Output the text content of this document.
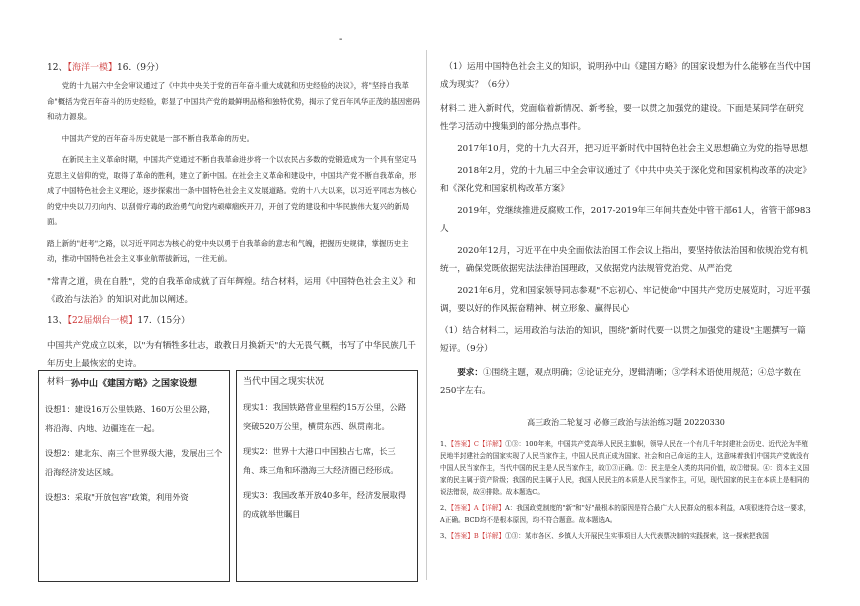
-

12、【海洋一模】16.（9分）

党的十九届六中全会审议通过了《中共中央关于党的百年奋斗重大成就和历史经验的决议》，将"坚持自我革命"概括为党百年奋斗的历史经验，彰显了中国共产党的最鲜明品格和独特优势，揭示了党百年风华正茂的基因密码和动力源泉。

中国共产党的百年奋斗历史就是一部不断自我革命的历史。

在新民主主义革命时期，中国共产党通过不断自我革命进步将一个以农民占多数的党锻造成为一个具有坚定马克思主义信仰的党，取得了革命的胜利，建立了新中国。在社会主义革命和建设中，中国共产党不断自我革命，形成了中国特色社会主义理论，逐步探索出一条中国特色社会主义发展道路。党的十八大以来，以习近平同志为核心的党中央以刀刃向内、以刮骨疗毒的政治勇气向党内顽瘴痼疾开刀，开创了党的建设和中华民族伟大复兴的新局面。

踏上新的"赶考"之路，以习近平同志为核心的党中央以勇于自我革命的意志和气魄，把握历史规律，掌握历史主动，推动中国特色社会主义事业航帮拔新远，一往无前。

"常青之道，贵在自胜"，党的自我革命成就了百年辉煌。结合材料，运用《中国特色社会主义》和《政治与法治》的知识对此加以阐述。

13、【22届烟台一模】17.（15分）

中国共产党成立以来，以"为有牺牲多壮志，敢教日月换新天"的大无畏气概，书写了中华民族几千年历史上最恢宏的史诗。

材料一

孙中山《建国方略》之国家设想

设想1：建设16万公里铁路、160万公里公路，将沿海、内地、边疆连在一起。

设想2：建北东、南三个世界级大港，发展出三个沿海经济发达区域。

设想3：采取"开放包容"政策，利用外资

当代中国之现实状况

现实1：我国铁路营业里程约15万公里，公路突破520万公里，横贯东西、纵贯南北。

现实2：世界十大港口中国独占七席，长三角、珠三角和环渤海三大经济圈已经形成。

现实3：我国改革开放40多年，经济发展取得的成就举世瞩目

（1）运用中国特色社会主义的知识，说明孙中山《建国方略》的国家设想为什么能够在当代中国成为现实？（6分）

材料二 进入新时代，党面临着新情况、新考验，要一以贯之加强党的建设。下面是某同学在研究性学习活动中搜集到的部分热点事件。

2017年10月，党的十九大召开，把习近平新时代中国特色社会主义思想确立为党的指导思想

2018年2月，党的十九届三中全会审议通过了《中共中央关于深化党和国家机构改革的决定》和《深化党和国家机构改革方案》

2019年，党继续推进反腐败工作，2017-2019年三年间共查处中管干部61人，省管干部983人

2020年12月，习近平在中央全面依法治国工作会议上指出，要坚持依法治国和依规治党有机统一，确保党既依据宪法法律治国理政，又依据党内法规管党治党、从严治党

2021年6月，党和国家领导同志参观"不忘初心、牢记使命"中国共产党历史展览时，习近平强调，要以好的作风振奋精神、树立形象、赢得民心

（1）结合材料二，运用政治与法治的知识，围绕"新时代要一以贯之加强党的建设"主题撰写一篇短评。（9分）

要求：①围绕主题，观点明确；②论证充分，逻辑清晰；③学科术语使用规范；④总字数在250字左右。

高三政治二轮复习 必修三政治与法治练习题 20220330

1、【答案】C【详解】①③：100年来，中国共产党高举人民民主旗帜，领导人民在一个有几千年封建社会历史、近代沦为半殖民地半封建社会的国家实现了人民当家作主，中国人民真正成为国家、社会和自己命运的主人，这意味着我们中国共产党就没有中国人民当家作主，当代中国的民主是人民当家作主，故①③正确。②：民主是全人类的共同价值，故②错误。④：资本主义国家的民主属于资产阶级；我国的民主属于人民，我国人民民主的本质是人民当家作主，可见，现代国家的民主在本质上是相同的说法错误，故④排除。故本题选C。

2、【答案】A【详解】A：我国政党制度的"新"和"好"最根本的原因是符合最广大人民群众的根本利益，A项很迷符合这一要求，A正确。BCD均不是根本原因，均不符合题意。故本题选A。

3、【答案】B【详解】①③：某市各区、乡镇人大开展民生实事项目人大代表票决制的实践探索，这一探索把我国
